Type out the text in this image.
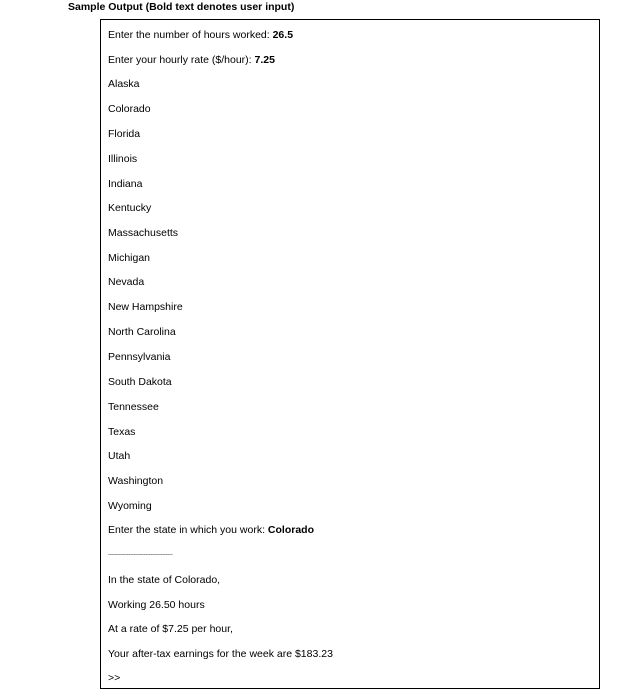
Sample Output (Bold text denotes user input)
Enter the number of hours worked: 26.5
Enter your hourly rate ($/hour): 7.25
Alaska
Colorado
Florida
Illinois
Indiana
Kentucky
Massachusetts
Michigan
Nevada
New Hampshire
North Carolina
Pennsylvania
South Dakota
Tennessee
Texas
Utah
Washington
Wyoming
Enter the state in which you work: Colorado
--------------------------------------
In the state of Colorado,
Working 26.50 hours
At a rate of $7.25 per hour,
Your after-tax earnings for the week are $183.23
>>
